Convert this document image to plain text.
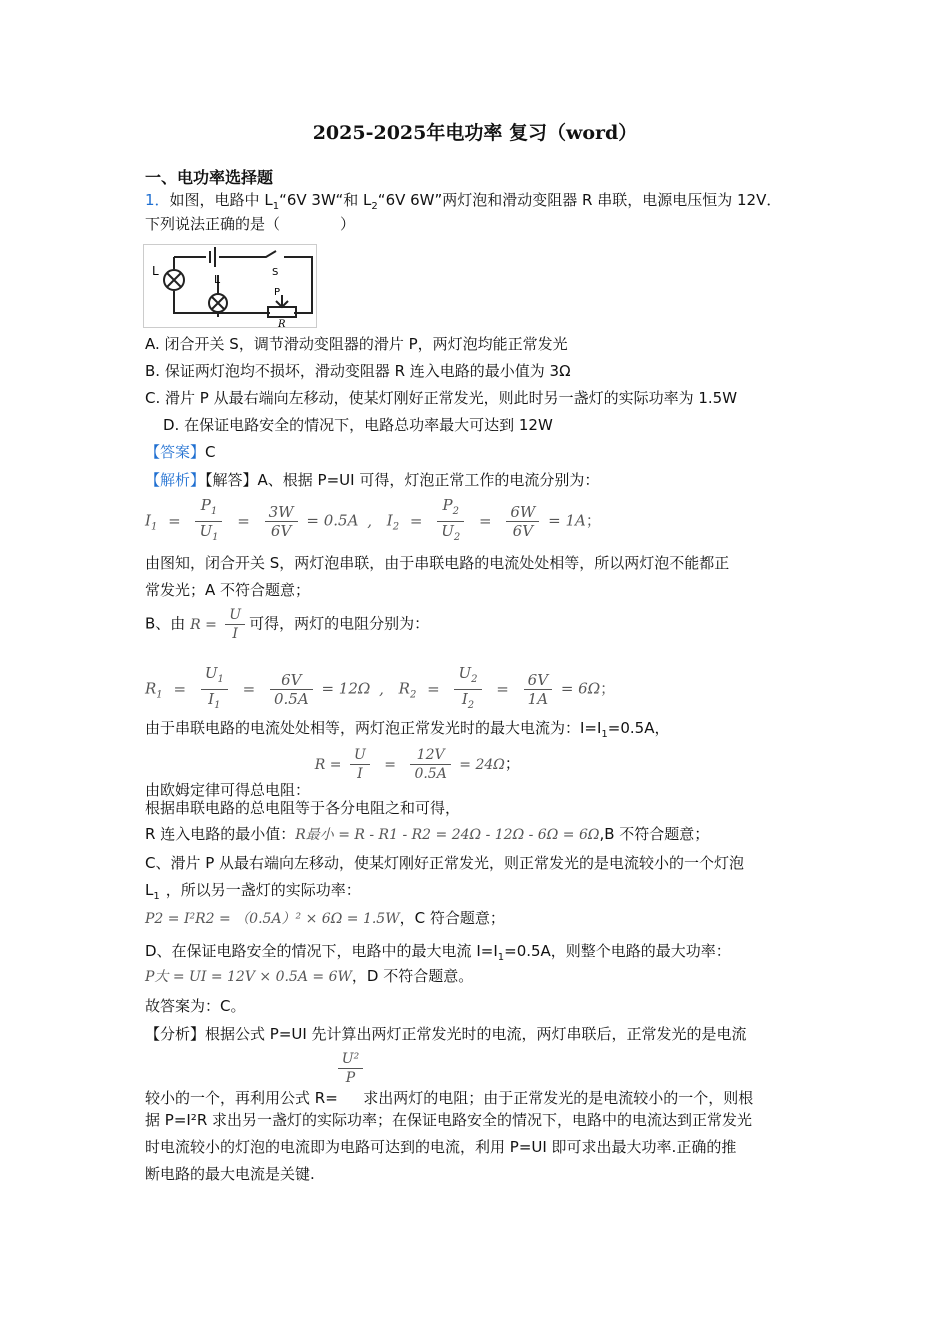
2025-2025年电功率 复习（word）
一、电功率选择题
1．如图，电路中 $L_1“6V$ 3W“和 $L_2“6V$ 6W”两灯泡和滑动变阻器 R 串联，电源电压恒为 12V．
下列说法正确的是（　　　　）
L
L
S
P
R
A. 闭合开关 S，调节滑动变阻器的滑片 P，两灯泡均能正常发光
B. 保证两灯泡均不损坏，滑动变阻器 R 连入电路的最小值为 3Ω
C. 滑片 P 从最右端向左移动，使某灯刚好正常发光，则此时另一盏灯的实际功率为 1.5W
D. 在保证电路安全的情况下，电路总功率最大可达到 12W
【答案】C
【解析】【解答】A、根据 P=UI 可得，灯泡正常工作的电流分别为：
$I_1 = \frac{P_1}{U_1} = \frac{3W}{6V} = 0.5A$ , $I_2 = \frac{P_2}{U_2} = \frac{6W}{6V} = 1A$；
由图知，闭合开关 S，两灯泡串联，由于串联电路的电流处处相等，所以两灯泡不能都正
常发光；A 不符合题意；
B、由 $R = \frac{U}{I}$ 可得，两灯的电阻分别为：
$R_1 = \frac{U_1}{I_1} = \frac{6V}{0.5A} = 12\Omega$ , $R_2 = \frac{U_2}{I_2} = \frac{6V}{1A} = 6\Omega$；
由于串联电路的电流处处相等，两灯泡正常发光时的最大电流为：$I=I_1=0.5A$，
由欧姆定律可得总电阻： $R = \frac{U}{I} = \frac{12V}{0.5A} = 24\Omega$；
根据串联电路的总电阻等于各分电阻之和可得，
R 连入电路的最小值：R最小 = R - R1 - R2 = 24Ω - 12Ω - 6Ω = 6Ω,B 不符合题意；
C、滑片 P 从最右端向左移动，使某灯刚好正常发光，则正常发光的是电流较小的一个灯泡
$L_1$ ，所以另一盏灯的实际功率：
P2 = I²R2 = （0.5A）² × 6Ω = 1.5W，C 符合题意；
D、在保证电路安全的情况下，电路中的最大电流 $I=I_1=0.5A$，则整个电路的最大功率：
P大 = UI = 12V × 0.5A = 6W，D 不符合题意。
故答案为：C。
【分析】根据公式 P=UI 先计算出两灯正常发光时的电流，两灯串联后，正常发光的是电流
较小的一个，再利用公式 R=
$\frac{\text{U²}}{P}$
求出两灯的电阻；由于正常发光的是电流较小的一个，则根
据 P=I²R 求出另一盏灯的实际功率；在保证电路安全的情况下，电路中的电流达到正常发光
时电流较小的灯泡的电流即为电路可达到的电流，利用 P=UI 即可求出最大功率.正确的推
断电路的最大电流是关键.
